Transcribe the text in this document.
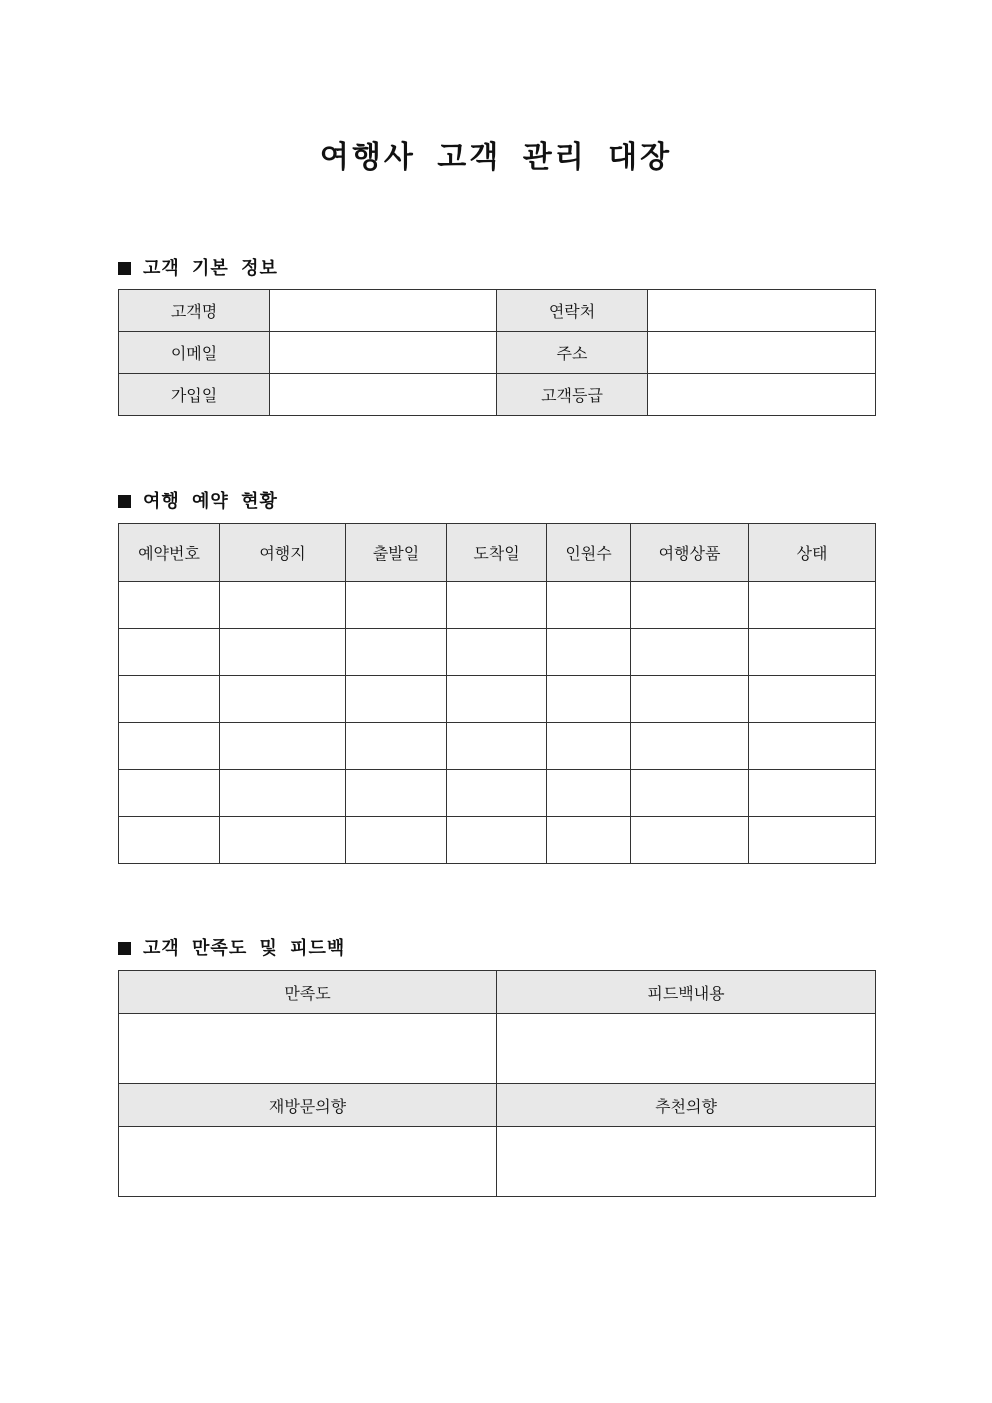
여행사 고객 관리 대장
고객 기본 정보
고객명		연락처	
이메일		주소	
가입일		고객등급	
여행 예약 현황
예약번호	여행지	출발일	도착일	인원수	여행상품	상태

고객 만족도 및 피드백
만족도	피드백내용

재방문의향	추천의향
